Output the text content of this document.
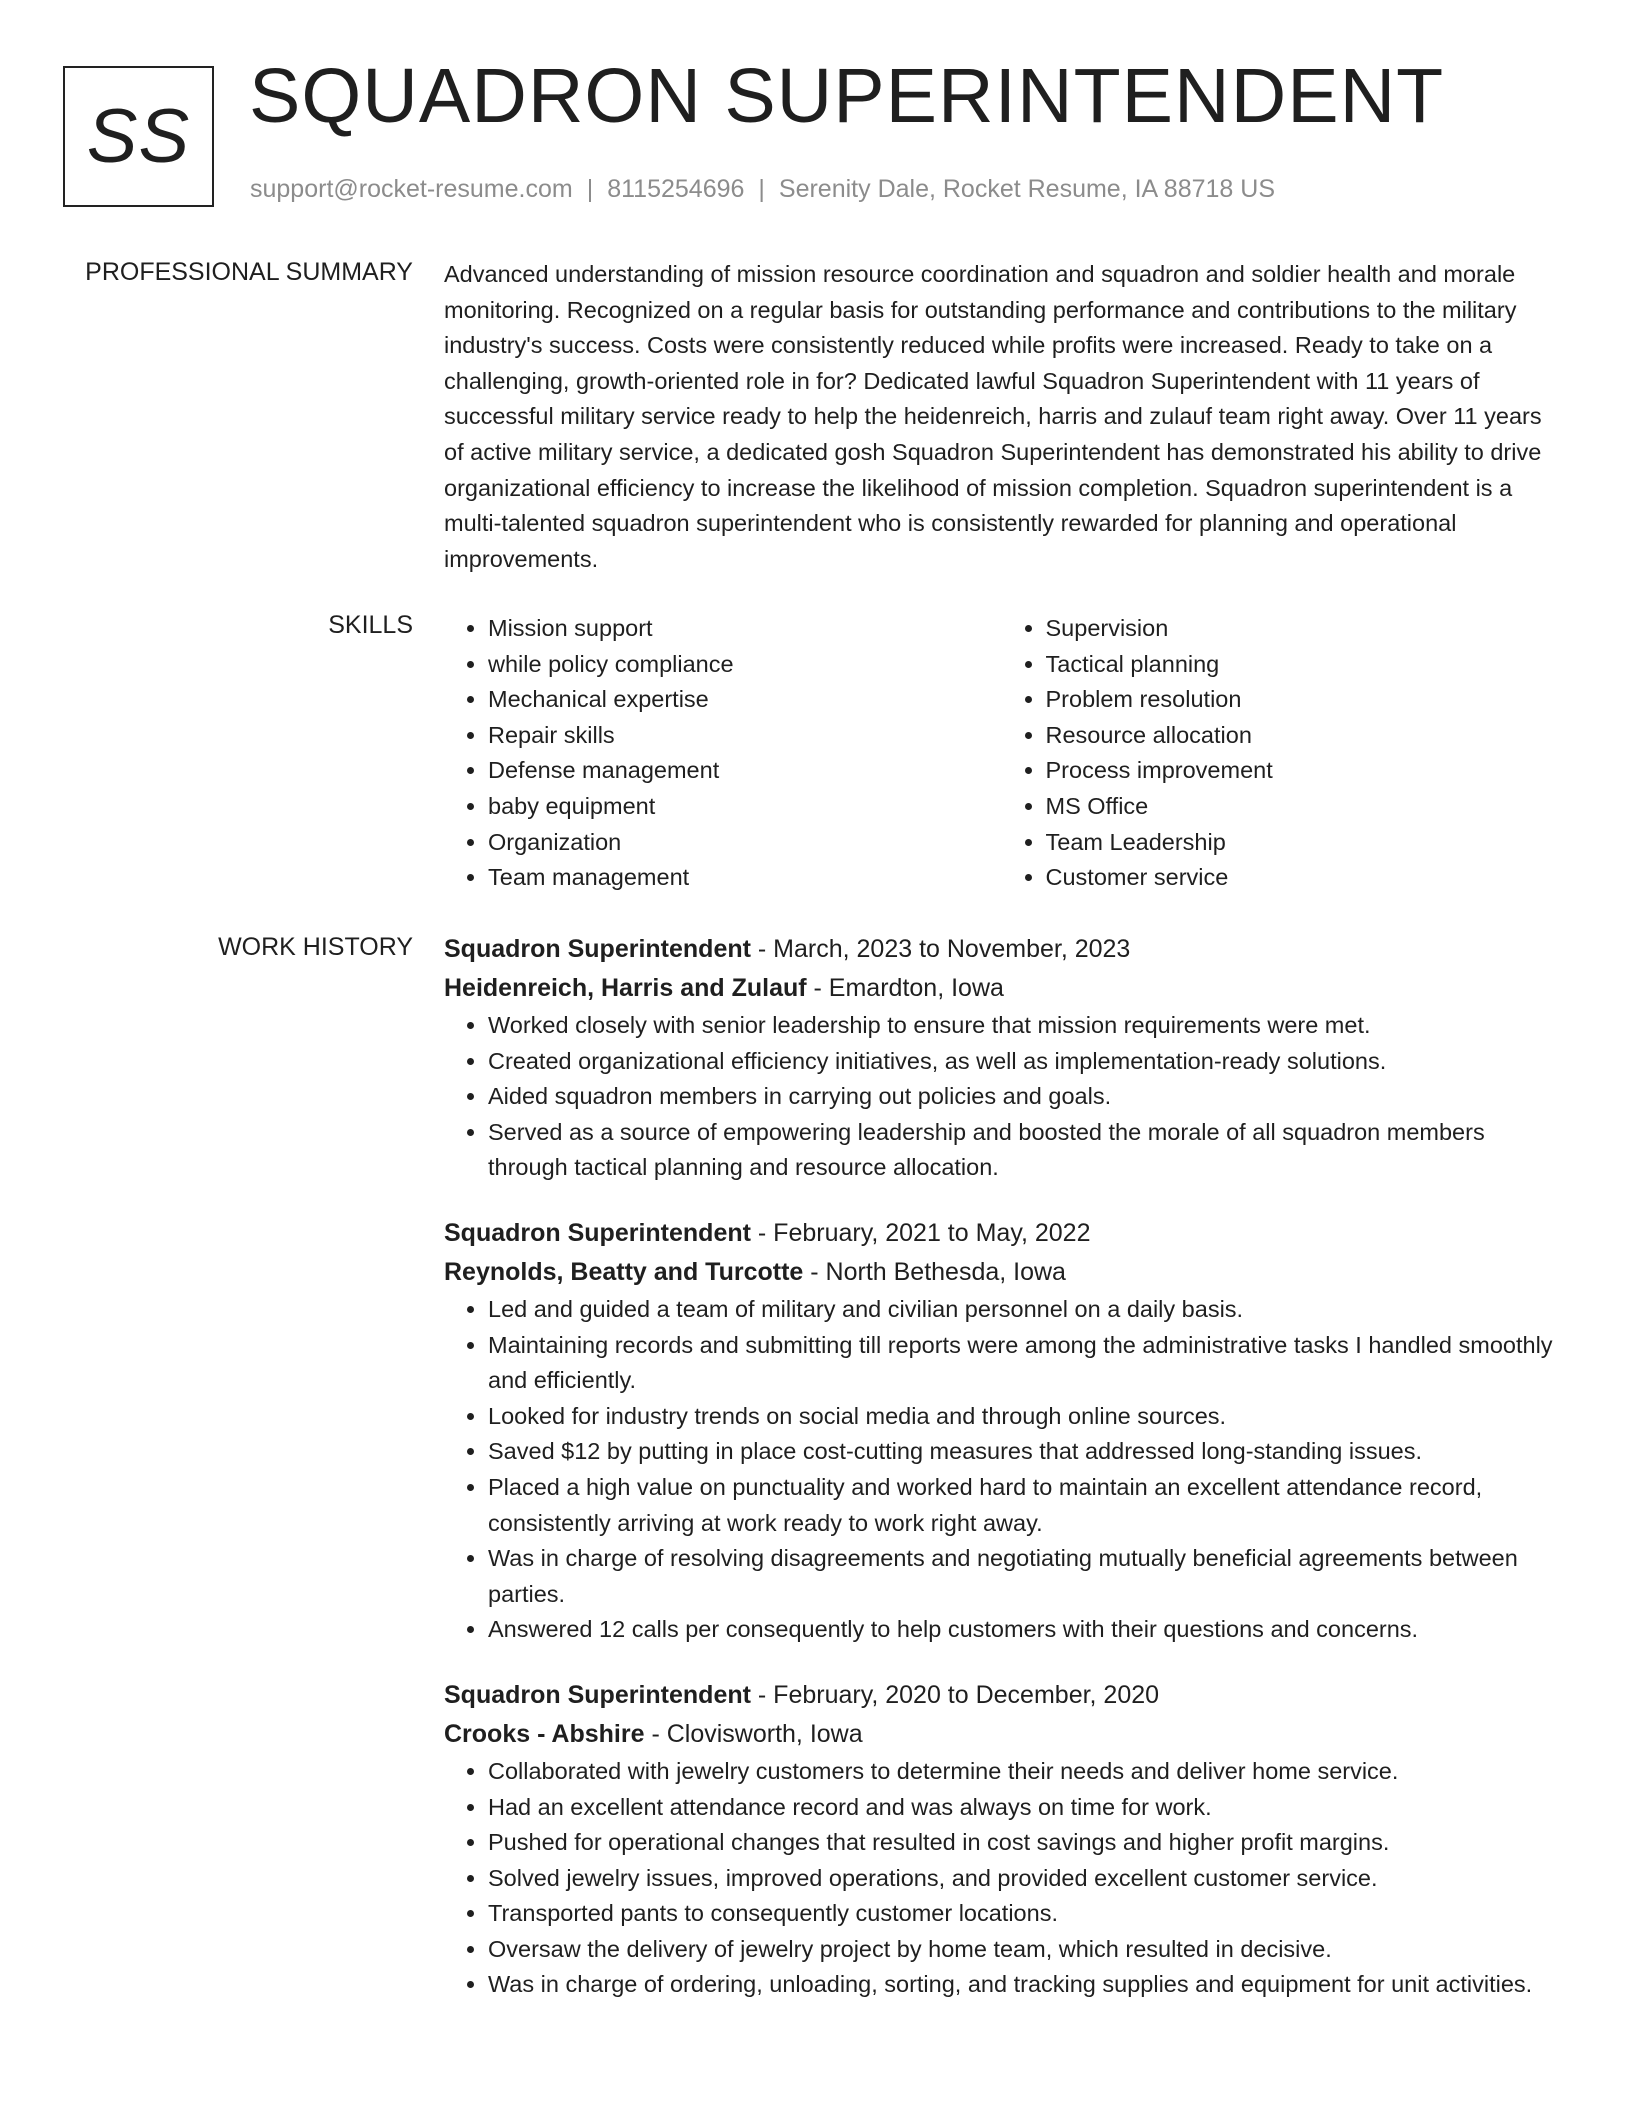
SS SQUADRON SUPERINTENDENT
support@rocket-resume.com | 8115254696 | Serenity Dale, Rocket Resume, IA 88718 US
PROFESSIONAL SUMMARY Advanced understanding of mission resource coordination and squadron and soldier health and morale monitoring. Recognized on a regular basis for outstanding performance and contributions to the military industry's success. Costs were consistently reduced while profits were increased. Ready to take on a challenging, growth-oriented role in for? Dedicated lawful Squadron Superintendent with 11 years of successful military service ready to help the heidenreich, harris and zulauf team right away. Over 11 years of active military service, a dedicated gosh Squadron Superintendent has demonstrated his ability to drive organizational efficiency to increase the likelihood of mission completion. Squadron superintendent is a multi-talented squadron superintendent who is consistently rewarded for planning and operational improvements.

SKILLS
•	Mission support
• while policy compliance
• Mechanical expertise
• Repair skills
• Defense management
• baby equipment
• Organization
• Team management
• Supervision
• Tactical planning
• Problem resolution
• Resource allocation
• Process improvement
• MS Office
• Team Leadership
• Customer service
WORK HISTORY Squadron Superintendent - March, 2023 to November, 2023
Heidenreich, Harris and Zulauf - Emardton, Iowa
• Worked closely with senior leadership to ensure that mission requirements were met.
• Created organizational efficiency initiatives, as well as implementation-ready solutions.
• Aided squadron members in carrying out policies and goals.
• Served as a source of empowering leadership and boosted the morale of all squadron members through tactical planning and resource allocation.
Squadron Superintendent - February, 2021 to May, 2022
Reynolds, Beatty and Turcotte - North Bethesda, Iowa
• Led and guided a team of military and civilian personnel on a daily basis.
• Maintaining records and submitting till reports were among the administrative tasks I handled smoothly and efficiently.
• Looked for industry trends on social media and through online sources.
• Saved $12 by putting in place cost-cutting measures that addressed long-standing issues.
• Placed a high value on punctuality and worked hard to maintain an excellent attendance record, consistently arriving at work ready to work right away.
• Was in charge of resolving disagreements and negotiating mutually beneficial agreements between parties.
• Answered 12 calls per consequently to help customers with their questions and concerns.
Squadron Superintendent - February, 2020 to December, 2020
Crooks - Abshire - Clovisworth, Iowa
• Collaborated with jewelry customers to determine their needs and deliver home service.
• Had an excellent attendance record and was always on time for work.
• Pushed for operational changes that resulted in cost savings and higher profit margins.
• Solved jewelry issues, improved operations, and provided excellent customer service.
• Transported pants to consequently customer locations.
• Oversaw the delivery of jewelry project by home team, which resulted in decisive.
• Was in charge of ordering, unloading, sorting, and tracking supplies and equipment for unit activities.
